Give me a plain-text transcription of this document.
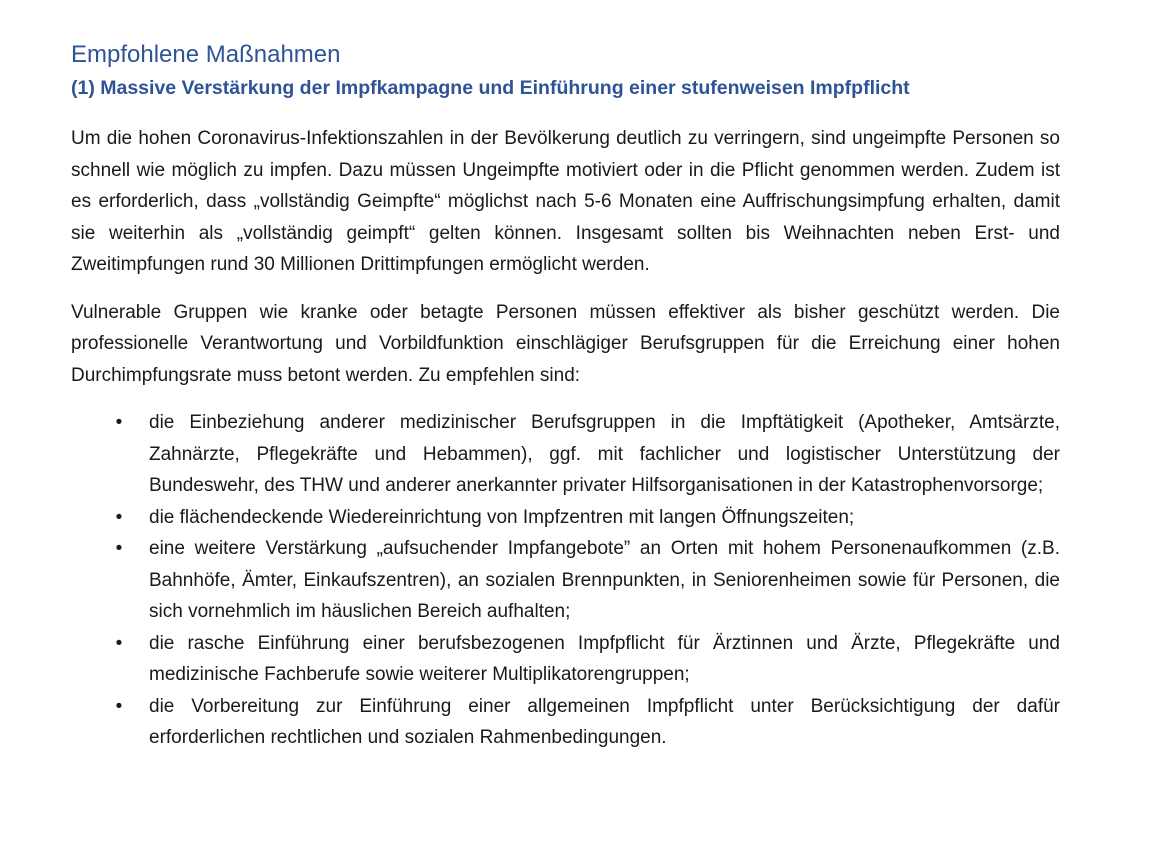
Empfohlene Maßnahmen
(1) Massive Verstärkung der Impfkampagne und Einführung einer stufenweisen Impfpflicht

Um die hohen Coronavirus-Infektionszahlen in der Bevölkerung deutlich zu verringern, sind ungeimpfte Personen so schnell wie möglich zu impfen. Dazu müssen Ungeimpfte motiviert oder in die Pflicht genommen werden. Zudem ist es erforderlich, dass „vollständig Geimpfte“ möglichst nach 5-6 Monaten eine Auffrischungsimpfung erhalten, damit sie weiterhin als „vollständig geimpft“ gelten können. Insgesamt sollten bis Weihnachten neben Erst- und Zweitimpfungen rund 30 Millionen Drittimpfungen ermöglicht werden.

Vulnerable Gruppen wie kranke oder betagte Personen müssen effektiver als bisher geschützt werden. Die professionelle Verantwortung und Vorbildfunktion einschlägiger Berufsgruppen für die Erreichung einer hohen Durchimpfungsrate muss betont werden. Zu empfehlen sind:

• die Einbeziehung anderer medizinischer Berufsgruppen in die Impftätigkeit (Apotheker, Amtsärzte, Zahnärzte, Pflegekräfte und Hebammen), ggf. mit fachlicher und logistischer Unterstützung der Bundeswehr, des THW und anderer anerkannter privater Hilfsorganisationen in der Katastrophenvorsorge;
• die flächendeckende Wiedereinrichtung von Impfzentren mit langen Öffnungszeiten;
• eine weitere Verstärkung „aufsuchender Impfangebote” an Orten mit hohem Personenaufkommen (z.B. Bahnhöfe, Ämter, Einkaufszentren), an sozialen Brennpunkten, in Seniorenheimen sowie für Personen, die sich vornehmlich im häuslichen Bereich aufhalten;
• die rasche Einführung einer berufsbezogenen Impfpflicht für Ärztinnen und Ärzte, Pflegekräfte und medizinische Fachberufe sowie weiterer Multiplikatorengruppen;
• die Vorbereitung zur Einführung einer allgemeinen Impfpflicht unter Berücksichtigung der dafür erforderlichen rechtlichen und sozialen Rahmenbedingungen.
